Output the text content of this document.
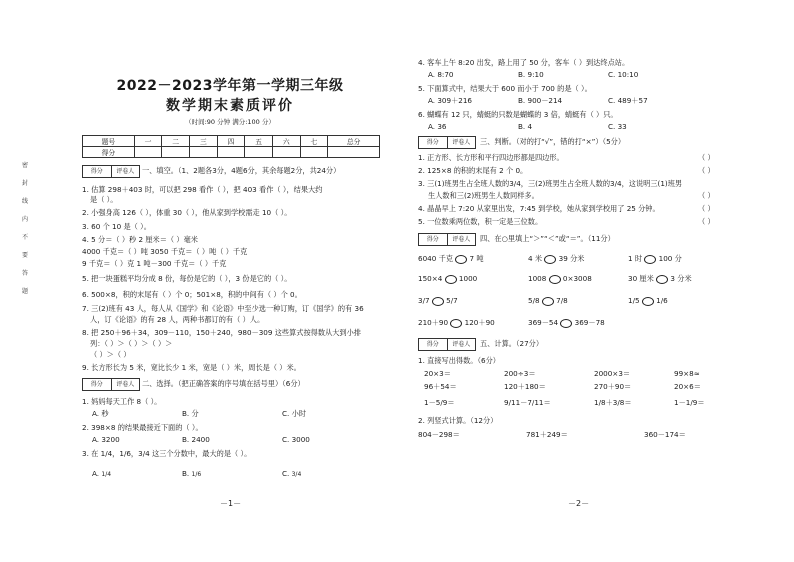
2022－2023学年第一学期三年级
数学期末素质评价
（时间:90 分钟 满分:100 分）
题号	一	二	三	四	五	六	七	总分
得分								
得分	评卷人	一、填空。（1、2题各3分，4题6分，其余每题2分，共24分）
1. 估算 298＋403 时，可以把 298 看作（ ），把 403 看作（ ），结果大约
是（ ）。
2. 小强身高 126（ ），体重 30（ ），他从家到学校需走 10（ ）。
3. 60 个 10 是（ ）。
4. 5 分＝（ ）秒 2 厘米＝（ ）毫米
4000 千克＝（ ）吨 3050 千克＝（ ）吨（ ）千克
9 千克＝（ ）克 1 吨－300 千克＝（ ）千克
5. 把一块蛋糕平均分成 8 份，每份是它的（ ），3 份是它的（ ）。
6. 500×8，积的末尾有（ ）个 0；501×8，积的中间有（ ）个 0。
7. 三(2)班有 43 人，每人从《国学》和《论语》中至少选一种订购，订《国学》的有 36
人，订《论语》的有 28 人，两种书都订的有（ ）人。
8. 把 250＋96＋34，309－110，150＋240，980－309 这些算式按得数从大到小排
列：（ ）＞（ ）＞（ ）＞
（ ）＞（ ）
9. 长方形长为 5 米，宽比长少 1 米，宽是（ ）米，周长是（ ）米。
得分	评卷人	二、选择。（把正确答案的序号填在括号里）（6分）
1. 妈妈每天工作 8（ ）。
A. 秒	B. 分	C. 小时
2. 398×8 的结果最接近下面的（ ）。
A. 3200	B. 2400	C. 3000
3. 在 1/4，1/6，3/4 这三个分数中，最大的是（ ）。
A. 1/4	B. 1/6	C. 3/4
－1－
密
封
线
内
不
要
答
题
4. 客车上午 8:20 出发，路上用了 50 分，客车（ ）到达终点站。
A. 8:70	B. 9:10	C. 10:10
5. 下面算式中，结果大于 600 而小于 700 的是（ ）。
A. 309＋216	B. 900－214	C. 489＋57
6. 蝴蝶有 12 只，蜻蜓的只数是蝴蝶的 3 倍，蜻蜓有（ ）只。
A. 36	B. 4	C. 33
得分	评卷人	三、判断。（对的打“√”，错的打“×”）（5分）
1. 正方形、长方形和平行四边形都是四边形。	（ ）
2. 125×8 的积的末尾有 2 个 0。	（ ）
3. 三(1)班男生占全班人数的3/4，三(2)班男生占全班人数的3/4，这说明三(1)班男
生人数和三(2)班男生人数同样多。	（ ）
4. 晶晶早上 7:20 从家里出发，7:45 到学校，她从家到学校用了 25 分钟。	（ ）
5. 一位数乘两位数，积一定是三位数。	（ ）
得分	评卷人	四、在○里填上“＞”“＜”或“＝”。（11分）
6040 千克 7 吨	4 米 39 分米	1 时 100 分
150×4 1000	1008 0×3008	30 厘米 3 分米
3/7 5/7	5/8 7/8	1/5 1/6
210＋90 120＋90	369－54 369－78
得分	评卷人	五、计算。（27分）
1. 直接写出得数。（6分）
20×3＝	200÷3＝	2000×3＝	99×8≈
96＋54＝	120＋180＝	270＋90＝	20×6＝
1－5/9＝	9/11－7/11＝	1/8＋3/8＝	1－1/9＝
2. 列竖式计算。（12分）
804－298＝	781＋249＝	360－174＝
－2－
